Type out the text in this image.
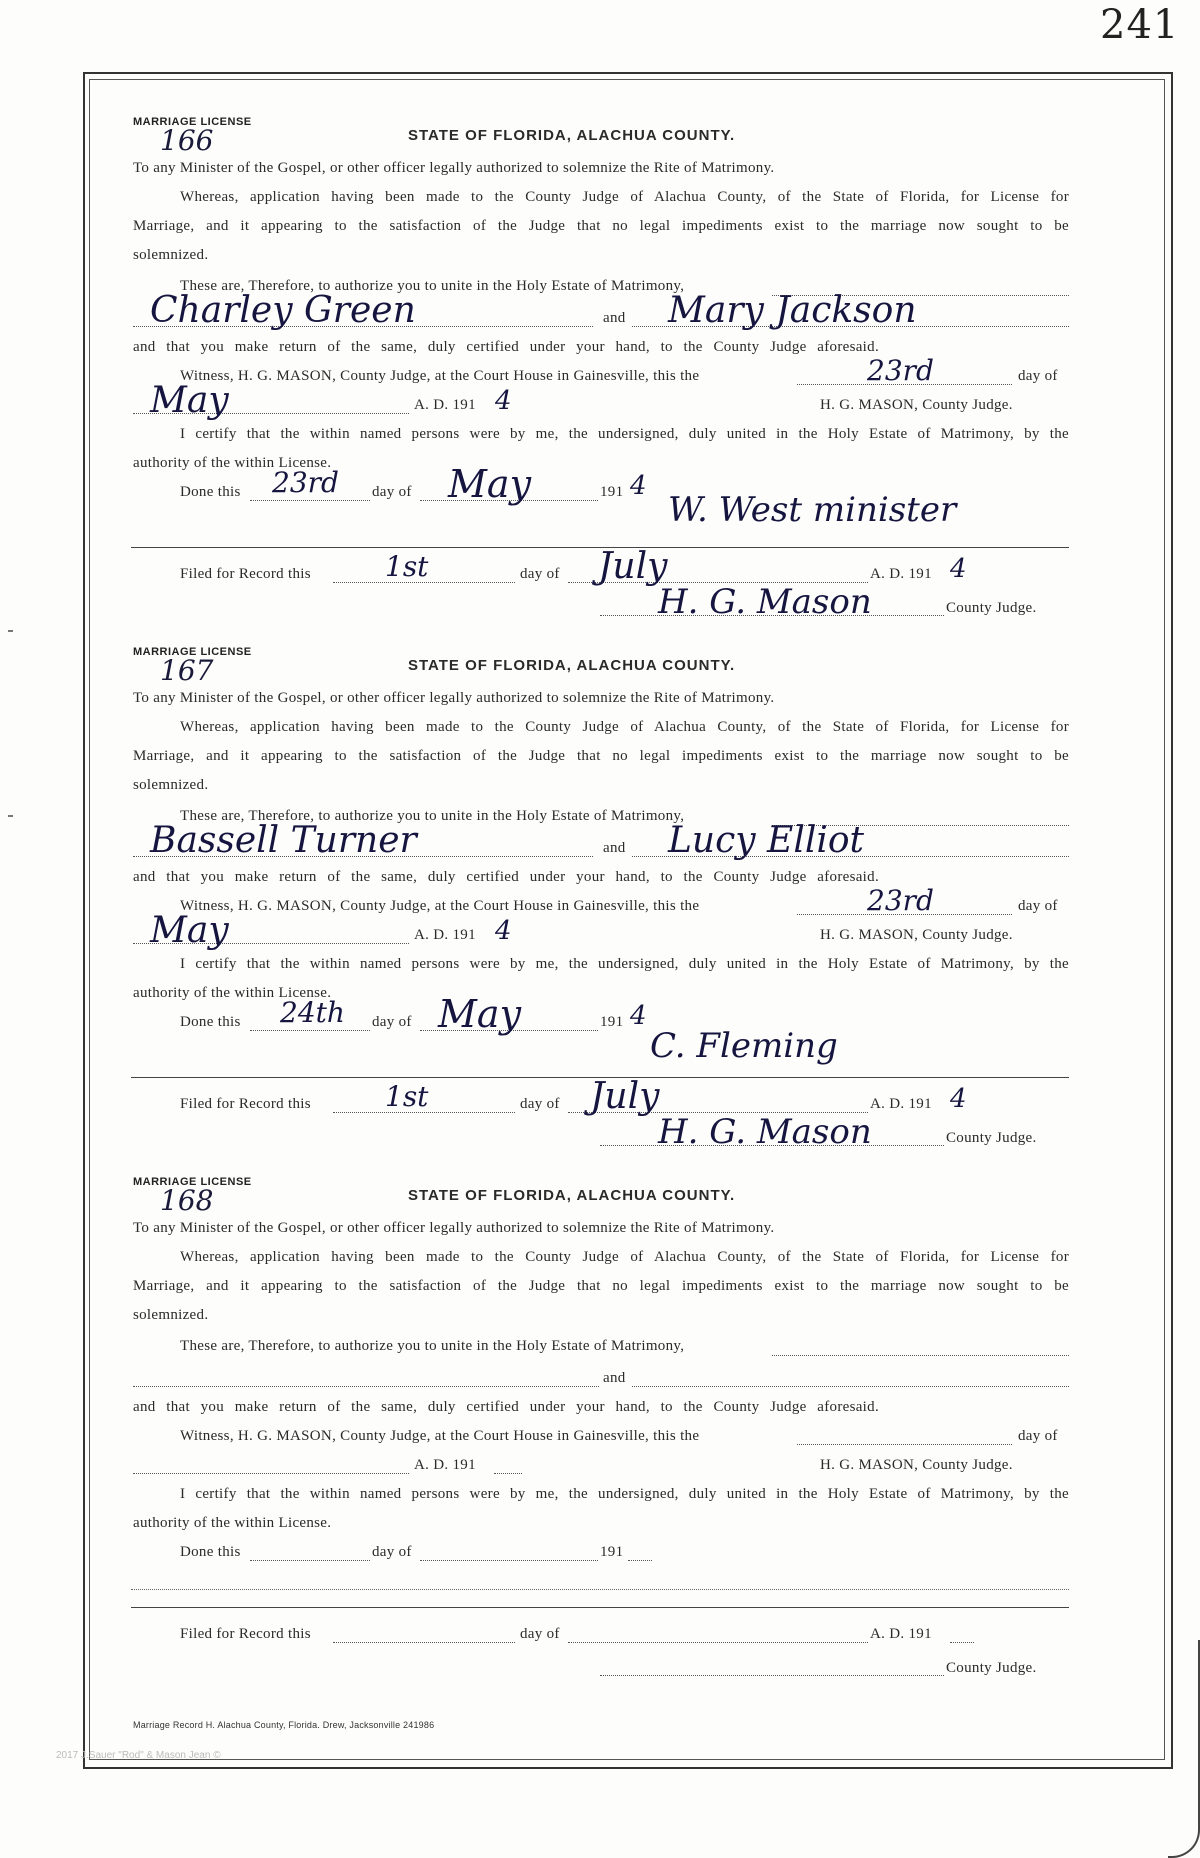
241
MARRIAGE LICENSE
166	STATE OF FLORIDA, ALACHUA COUNTY.
To any Minister of the Gospel, or other officer legally authorized to solemnize the Rite of Matrimony.
Whereas, application having been made to the County Judge of Alachua County, of the State of Florida, for License for
Marriage, and it appearing to the satisfaction of the Judge that no legal impediments exist to the marriage now sought to be
solemnized.
These are, Therefore, to authorize you to unite in the Holy Estate of Matrimony,
Charley Green	and Mary Jackson
and that you make return of the same, duly certified under your hand, to the County Judge aforesaid.
Witness, H. G. MASON, County Judge, at the Court House in Gainesville, this the	23rd	day of
May	A. D. 191 4	H. G. MASON, County Judge.
I certify that the within named persons were by me, the undersigned, duly united in the Holy Estate of Matrimony, by the
authority of the within License.
Done this 23rd day of May	191 4
W. West minister
Filed for Record this	1st	day of July	A. D. 191 4
H. G. Mason	County Judge.
MARRIAGE LICENSE
167	STATE OF FLORIDA, ALACHUA COUNTY.
To any Minister of the Gospel, or other officer legally authorized to solemnize the Rite of Matrimony.
Whereas, application having been made to the County Judge of Alachua County, of the State of Florida, for License for
Marriage, and it appearing to the satisfaction of the Judge that no legal impediments exist to the marriage now sought to be
solemnized.
These are, Therefore, to authorize you to unite in the Holy Estate of Matrimony,
Bassell Turner	and Lucy Elliot
and that you make return of the same, duly certified under your hand, to the County Judge aforesaid.
Witness, H. G. MASON, County Judge, at the Court House in Gainesville, this the	23rd	day of
May	A. D. 191 4	H. G. MASON, County Judge.
I certify that the within named persons were by me, the undersigned, duly united in the Holy Estate of Matrimony, by the
authority of the within License.
Done this 24th day of May	191 4
C. Fleming
Filed for Record this	1st	day of July	A. D. 191 4
H. G. Mason	County Judge.
MARRIAGE LICENSE
168	STATE OF FLORIDA, ALACHUA COUNTY.
To any Minister of the Gospel, or other officer legally authorized to solemnize the Rite of Matrimony.
Whereas, application having been made to the County Judge of Alachua County, of the State of Florida, for License for
Marriage, and it appearing to the satisfaction of the Judge that no legal impediments exist to the marriage now sought to be
solemnized.
These are, Therefore, to authorize you to unite in the Holy Estate of Matrimony,
and
and that you make return of the same, duly certified under your hand, to the County Judge aforesaid.
Witness, H. G. MASON, County Judge, at the Court House in Gainesville, this the	day of
A. D. 191	H. G. MASON, County Judge.
I certify that the within named persons were by me, the undersigned, duly united in the Holy Estate of Matrimony, by the
authority of the within License.
Done this	day of	191
Filed for Record this	day of	A. D. 191
County Judge.
Marriage Record H. Alachua County, Florida. Drew, Jacksonville 241986
2017 J.Sauer "Rod" & Mason Jean ©
